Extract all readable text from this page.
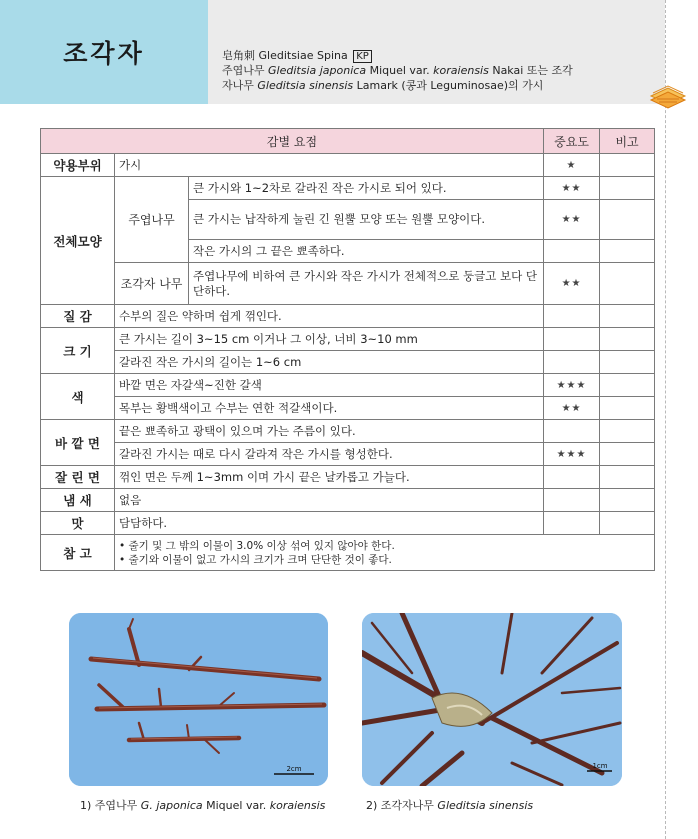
조각자	皂角刺 Gleditsiae Spina KP
주엽나무 Gleditsia japonica Miquel var. koraiensis Nakai 또는 조각
자나무 Gleditsia sinensis Lamark (콩과 Leguminosae)의 가시
감별 요점			중요도	비고
약용부위	가시		★	
전체모양	주엽나무	큰 가시와 1~2차로 갈라진 작은 가시로 되어 있다.	★★	
		큰 가시는 납작하게 눌린 긴 원뿔 모양 또는 원뿔 모양이다.	★★	
		작은 가시의 그 끝은 뾰족하다.		
	조각자 나무	주엽나무에 비하여 큰 가시와 작은 가시가 전체적으로 둥글고 보다 단단하다.	★★	
질 감	수부의 질은 약하며 쉽게 꺾인다.			
크 기	큰 가시는 길이 3~15 cm 이거나 그 이상, 너비 3~10 mm			
	갈라진 작은 가시의 길이는 1~6 cm			
색	바깥 면은 자갈색~진한 갈색		★★★	
	목부는 황백색이고 수부는 연한 적갈색이다.		★★	
바 깥 면	끝은 뾰족하고 광택이 있으며 가는 주름이 있다.			
	갈라진 가시는 때로 다시 갈라져 작은 가시를 형성한다.		★★★	
잘 린 면	꺾인 면은 두께 1~3mm 이며 가시 끝은 날카롭고 가늘다.			
냄 새	없음			
맛	담담하다.			
참 고	• 줄기 및 그 밖의 이물이 3.0% 이상 섞여 있지 않아야 한다.
• 줄기와 이물이 없고 가시의 크기가 크며 단단한 것이 좋다.			
2cm	1cm
1) 주엽나무 G. japonica Miquel var. koraiensis	2) 조각자나무 Gleditsia sinensis
